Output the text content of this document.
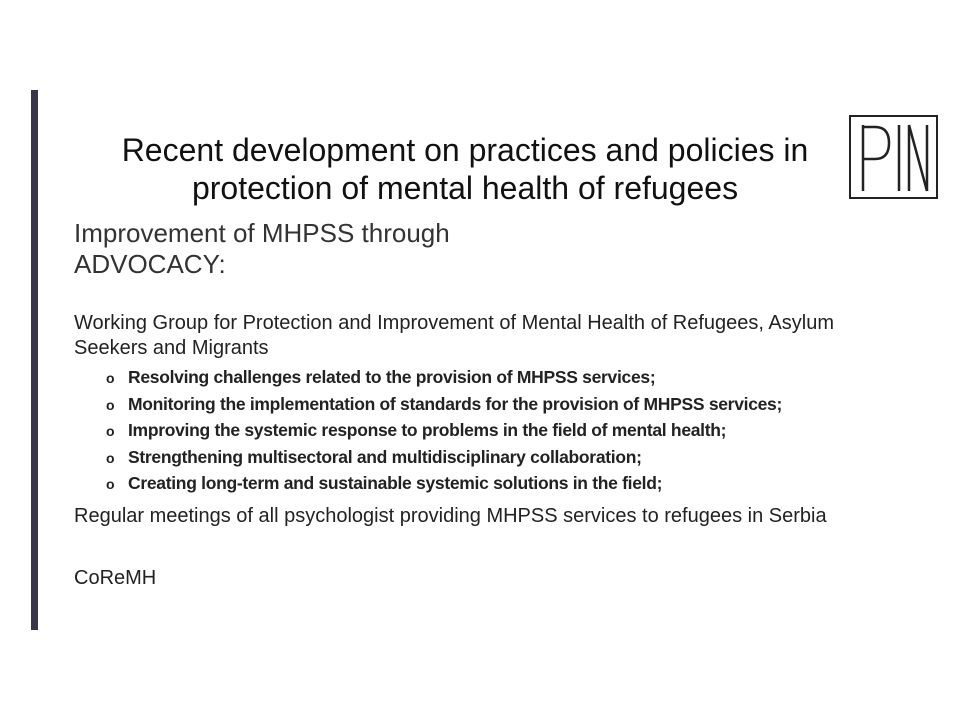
Recent development on practices and policies in
protection of mental health of refugees
Improvement of MHPSS through
ADVOCACY:
Working Group for Protection and Improvement of Mental Health of Refugees, Asylum Seekers and Migrants
o Resolving challenges related to the provision of MHPSS services;
o Monitoring the implementation of standards for the provision of MHPSS services;
o Improving the systemic response to problems in the field of mental health;
o Strengthening multisectoral and multidisciplinary collaboration;
o Creating long-term and sustainable systemic solutions in the field;
Regular meetings of all psychologist providing MHPSS services to refugees in Serbia
CoReMH
